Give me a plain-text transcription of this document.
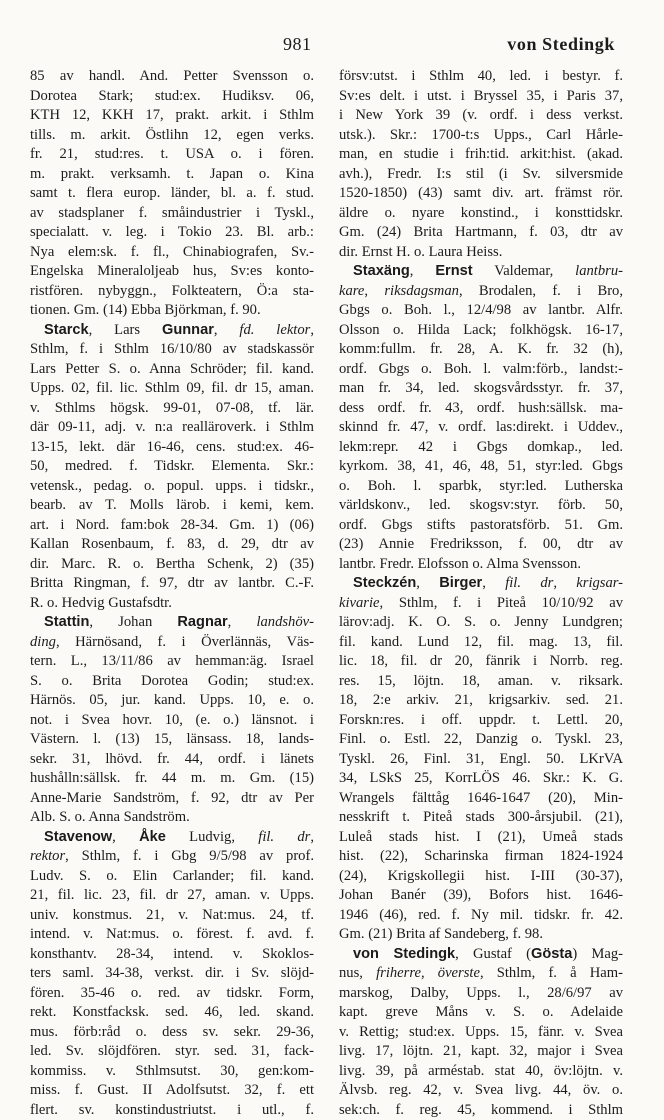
981	von Stedingk
85 av handl. And. Petter Svensson o.
Dorotea Stark; stud:ex. Hudiksv. 06,
KTH 12, KKH 17, prakt. arkit. i Sthlm
tills. m. arkit. Östlihn 12, egen verks.
fr. 21, stud:res. t. USA o. i fören.
m. prakt. verksamh. t. Japan o. Kina
samt t. flera europ. länder, bl. a. f. stud.
av stadsplaner f. småindustrier i Tyskl.,
specialatt. v. leg. i Tokio 23. Bl. arb.:
Nya elem:sk. f. fl., Chinabiografen, Sv.-
Engelska Mineraloljeab hus, Sv:es konto-
ristfören. nybyggn., Folkteatern, Ö:a sta-
tionen. Gm. (14) Ebba Björkman, f. 90.
Starck, Lars Gunnar, fd. lektor,
Sthlm, f. i Sthlm 16/10/80 av stadskassör
Lars Petter S. o. Anna Schröder; fil. kand.
Upps. 02, fil. lic. Sthlm 09, fil. dr 15, aman.
v. Sthlms högsk. 99-01, 07-08, tf. lär.
där 09-11, adj. v. n:a realläroverk. i Sthlm
13-15, lekt. där 16-46, cens. stud:ex. 46-
50, medred. f. Tidskr. Elementa. Skr.:
vetensk., pedag. o. popul. upps. i tidskr.,
bearb. av T. Molls lärob. i kemi, kem.
art. i Nord. fam:bok 28-34. Gm. 1) (06)
Kallan Rosenbaum, f. 83, d. 29, dtr av
dir. Marc. R. o. Bertha Schenk, 2) (35)
Britta Ringman, f. 97, dtr av lantbr. C.-F.
R. o. Hedvig Gustafsdtr.
Stattin, Johan Ragnar, landshöv-
ding, Härnösand, f. i Överlännäs, Väs-
tern. L., 13/11/86 av hemman:äg. Israel
S. o. Brita Dorotea Godin; stud:ex.
Härnös. 05, jur. kand. Upps. 10, e. o.
not. i Svea hovr. 10, (e. o.) länsnot. i
Västern. l. (13) 15, länsass. 18, lands-
sekr. 31, lhövd. fr. 44, ordf. i länets
hushålln:sällsk. fr. 44 m. m. Gm. (15)
Anne-Marie Sandström, f. 92, dtr av Per
Alb. S. o. Anna Sandström.
Stavenow, Åke Ludvig, fil. dr,
rektor, Sthlm, f. i Gbg 9/5/98 av prof.
Ludv. S. o. Elin Carlander; fil. kand.
21, fil. lic. 23, fil. dr 27, aman. v. Upps.
univ. konstmus. 21, v. Nat:mus. 24, tf.
intend. v. Nat:mus. o. förest. f. avd. f.
konsthantv. 28-34, intend. v. Skoklos-
ters saml. 34-38, verkst. dir. i Sv. slöjd-
fören. 35-46 o. red. av tidskr. Form,
rekt. Konstfacksk. sed. 46, led. skand.
mus. förb:råd o. dess sv. sekr. 29-36,
led. Sv. slöjdfören. styr. sed. 31, fack-
kommiss. v. Sthlmsutst. 30, gen:kom-
miss. f. Gust. II Adolfsutst. 32, f. ett
flert. sv. konstindustriutst. i utl., f.
försv:utst. i Sthlm 40, led. i bestyr. f.
Sv:es delt. i utst. i Bryssel 35, i Paris 37,
i New York 39 (v. ordf. i dess verkst.
utsk.). Skr.: 1700-t:s Upps., Carl Hårle-
man, en studie i frih:tid. arkit:hist. (akad.
avh.), Fredr. I:s stil (i Sv. silversmide
1520-1850) (43) samt div. art. främst rör.
äldre o. nyare konstind., i konsttidskr.
Gm. (24) Brita Hartmann, f. 03, dtr av
dir. Ernst H. o. Laura Heiss.
Staxäng, Ernst Valdemar, lantbru-
kare, riksdagsman, Brodalen, f. i Bro,
Gbgs o. Boh. l., 12/4/98 av lantbr. Alfr.
Olsson o. Hilda Lack; folkhögsk. 16-17,
komm:fullm. fr. 28, A. K. fr. 32 (h),
ordf. Gbgs o. Boh. l. valm:förb., landst:-
man fr. 34, led. skogsvårdsstyr. fr. 37,
dess ordf. fr. 43, ordf. hush:sällsk. ma-
skinnd fr. 47, v. ordf. las:direkt. i Uddev.,
lekm:repr. 42 i Gbgs domkap., led.
kyrkom. 38, 41, 46, 48, 51, styr:led. Gbgs
o. Boh. l. sparbk, styr:led. Lutherska
världskonv., led. skogsv:styr. förb. 50,
ordf. Gbgs stifts pastoratsförb. 51. Gm.
(23) Annie Fredriksson, f. 00, dtr av
lantbr. Fredr. Elofsson o. Alma Svensson.
Steckzén, Birger, fil. dr, krigsar-
kivarie, Sthlm, f. i Piteå 10/10/92 av
lärov:adj. K. O. S. o. Jenny Lundgren;
fil. kand. Lund 12, fil. mag. 13, fil.
lic. 18, fil. dr 20, fänrik i Norrb. reg.
res. 15, löjtn. 18, aman. v. riksark.
18, 2:e arkiv. 21, krigsarkiv. sed. 21.
Forskn:res. i off. uppdr. t. Lettl. 20,
Finl. o. Estl. 22, Danzig o. Tyskl. 23,
Tyskl. 26, Finl. 31, Engl. 50. LKrVA
34, LSkS 25, KorrLÖS 46. Skr.: K. G.
Wrangels fälttåg 1646-1647 (20), Min-
nesskrift t. Piteå stads 300-årsjubil. (21),
Luleå stads hist. I (21), Umeå stads
hist. (22), Scharinska firman 1824-1924
(24), Krigskollegii hist. I-III (30-37),
Johan Banér (39), Bofors hist. 1646-
1946 (46), red. f. Ny mil. tidskr. fr. 42.
Gm. (21) Brita af Sandeberg, f. 98.
von Stedingk, Gustaf (Gösta) Mag-
nus, friherre, överste, Sthlm, f. å Ham-
marskog, Dalby, Upps. l., 28/6/97 av
kapt. greve Måns v. S. o. Adelaide
v. Rettig; stud:ex. Upps. 15, fänr. v. Svea
livg. 17, löjtn. 21, kapt. 32, major i Svea
livg. 39, på arméstab. stat 40, öv:löjtn. v.
Älvsb. reg. 42, v. Svea livg. 44, öv. o.
sek:ch. f. reg. 45, kommend. i Sthlm
